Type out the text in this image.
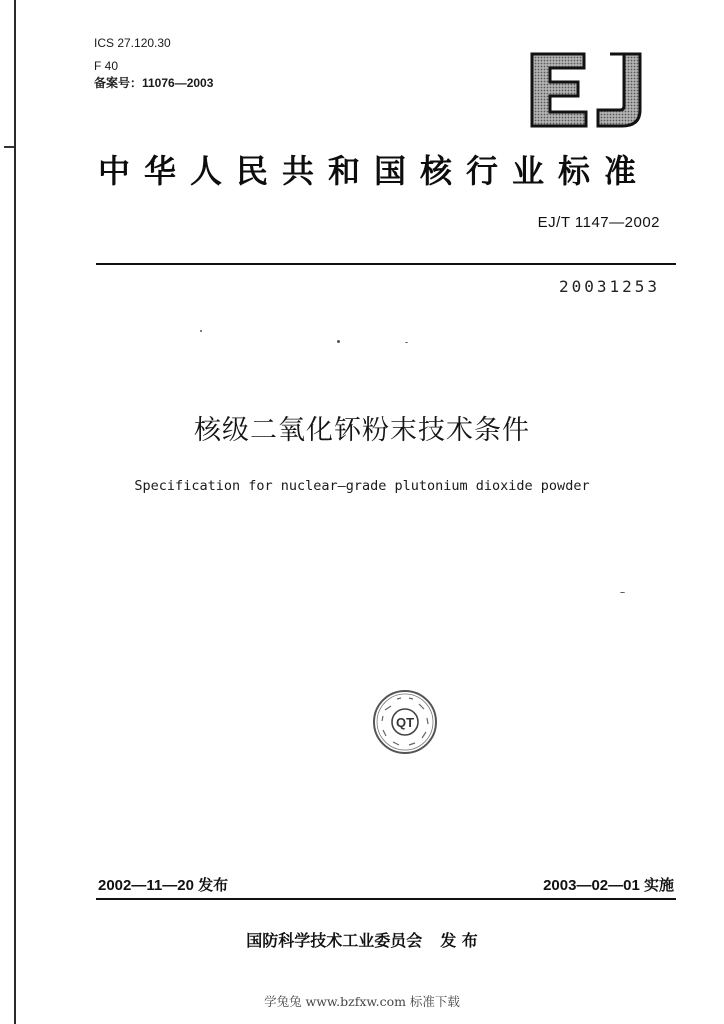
ICS 27.120.30
F 40
备案号：11076—2003
中华人民共和国核行业标准
EJ/T 1147—2002
20031253
核级二氧化钚粉末技术条件
Specification for nuclear—grade plutonium dioxide powder
QT
2002—11—20 发布	2003—02—01 实施
国防科学技术工业委员会 发 布
学兔兔 www.bzfxw.com 标准下载
